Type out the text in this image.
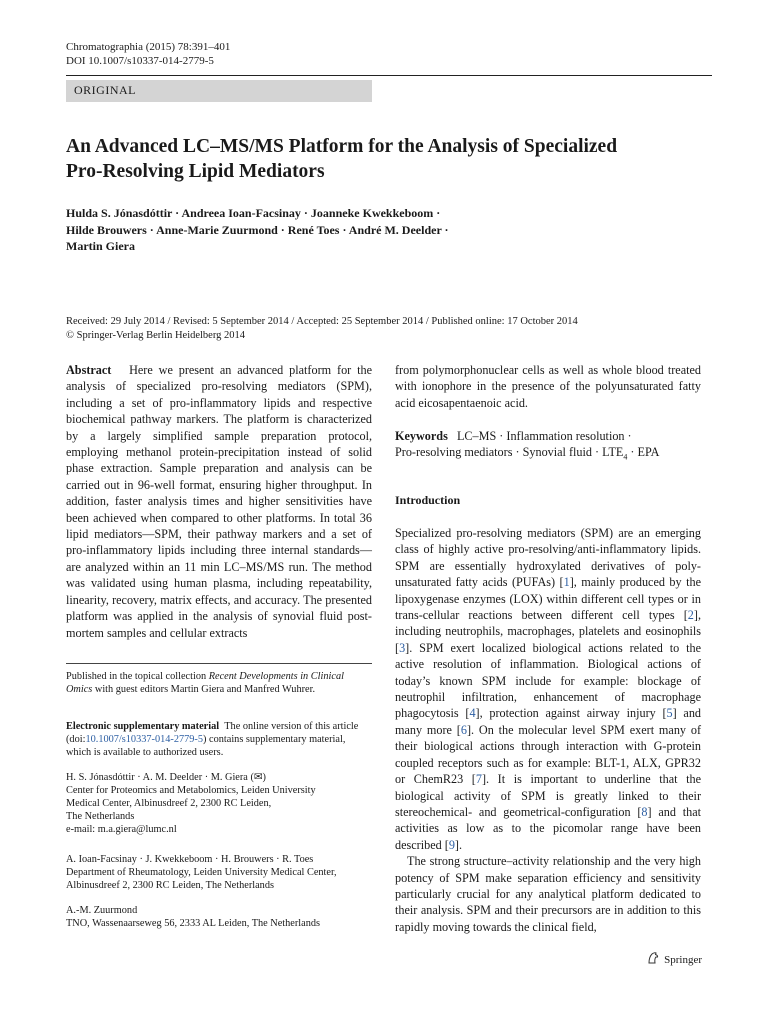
Chromatographia (2015) 78:391–401
DOI 10.1007/s10337-014-2779-5
ORIGINAL
An Advanced LC–MS/MS Platform for the Analysis of Specialized
Pro-Resolving Lipid Mediators
Hulda S. Jónasdóttir · Andreea Ioan-Facsinay · Joanneke Kwekkeboom ·
Hilde Brouwers · Anne-Marie Zuurmond · René Toes · André M. Deelder ·
Martin Giera
Received: 29 July 2014 / Revised: 5 September 2014 / Accepted: 25 September 2014 / Published online: 17 October 2014
© Springer-Verlag Berlin Heidelberg 2014
Abstract Here we present an advanced platform for the analysis of specialized pro-resolving mediators (SPM), including a set of pro-inflammatory lipids and respective biochemical pathway markers. The platform is characterized by a largely simplified sample preparation protocol, employing methanol protein-precipitation instead of solid phase extraction. Sample preparation and analysis can be carried out in 96-well format, ensuring higher throughput. In addition, faster analysis times and higher sensitivities have been achieved when compared to other platforms. In total 36 lipid mediators—SPM, their pathway markers and a set of pro-inflammatory lipids including three internal standards—are analyzed within an 11 min LC–MS/MS run. The method was validated using human plasma, including repeatability, linearity, recovery, matrix effects, and accuracy. The presented platform was applied in the analysis of synovial fluid post-mortem samples and cellular extracts
from polymorphonuclear cells as well as whole blood treated with ionophore in the presence of the polyunsaturated fatty acid eicosapentaenoic acid.
Keywords LC–MS · Inflammation resolution ·
Pro-resolving mediators · Synovial fluid · $LTE_4$ · EPA
Introduction
Specialized pro-resolving mediators (SPM) are an emerging class of highly active pro-resolving/anti-inflammatory lipids. SPM are essentially hydroxylated derivatives of poly-unsaturated fatty acids (PUFAs) [1], mainly produced by the lipoxygenase enzymes (LOX) within different cell types or in trans-cellular reactions between different cell types [2], including neutrophils, macrophages, platelets and eosinophils [3]. SPM exert localized biological actions related to the active resolution of inflammation. Biological actions of today’s known SPM include for example: blockage of neutrophil infiltration, enhancement of macrophage phagocytosis [4], protection against airway injury [5] and many more [6]. On the molecular level SPM exert many of their biological actions through interaction with G-protein coupled receptors such as for example: BLT-1, ALX, GPR32 or ChemR23 [7]. It is important to underline that the biological activity of SPM is greatly linked to their stereochemical- and geometrical-configuration [8] and that activities as low as to the picomolar range have been described [9].
The strong structure–activity relationship and the very high potency of SPM make separation efficiency and sensitivity particularly crucial for any analytical platform dedicated to their analysis. SPM and their precursors are in addition to this rapidly moving towards the clinical field,
Published in the topical collection Recent Developments in Clinical Omics with guest editors Martin Giera and Manfred Wuhrer.
Electronic supplementary material The online version of this article (doi:10.1007/s10337-014-2779-5) contains supplementary material, which is available to authorized users.
H. S. Jónasdóttir · A. M. Deelder · M. Giera (✉)
Center for Proteomics and Metabolomics, Leiden University
Medical Center, Albinusdreef 2, 2300 RC Leiden,
The Netherlands
e-mail: m.a.giera@lumc.nl
A. Ioan-Facsinay · J. Kwekkeboom · H. Brouwers · R. Toes
Department of Rheumatology, Leiden University Medical Center,
Albinusdreef 2, 2300 RC Leiden, The Netherlands
A.-M. Zuurmond
TNO, Wassenaarseweg 56, 2333 AL Leiden, The Netherlands
Springer
